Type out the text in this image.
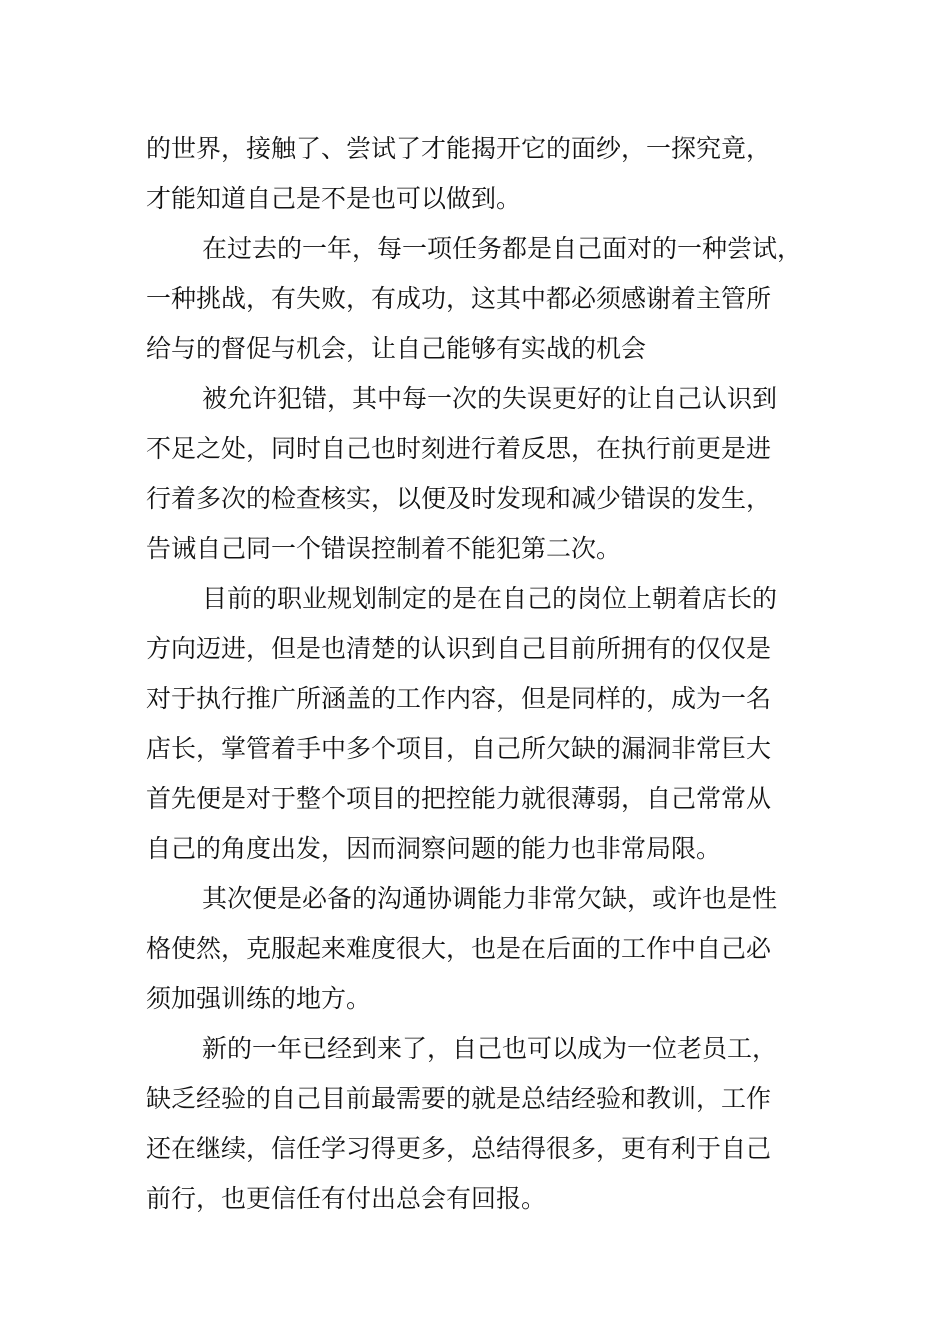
的世界，接触了、尝试了才能揭开它的面纱，一探究竟，
才能知道自己是不是也可以做到。
在过去的一年，每一项任务都是自己面对的一种尝试，
一种挑战，有失败，有成功，这其中都必须感谢着主管所
给与的督促与机会，让自己能够有实战的机会
被允许犯错，其中每一次的失误更好的让自己认识到
不足之处，同时自己也时刻进行着反思，在执行前更是进
行着多次的检查核实，以便及时发现和减少错误的发生，
告诫自己同一个错误控制着不能犯第二次。
目前的职业规划制定的是在自己的岗位上朝着店长的
方向迈进，但是也清楚的认识到自己目前所拥有的仅仅是
对于执行推广所涵盖的工作内容，但是同样的，成为一名
店长，掌管着手中多个项目，自己所欠缺的漏洞非常巨大
首先便是对于整个项目的把控能力就很薄弱，自己常常从
自己的角度出发，因而洞察问题的能力也非常局限。
其次便是必备的沟通协调能力非常欠缺，或许也是性
格使然，克服起来难度很大，也是在后面的工作中自己必
须加强训练的地方。
新的一年已经到来了，自己也可以成为一位老员工，
缺乏经验的自己目前最需要的就是总结经验和教训，工作
还在继续，信任学习得更多，总结得很多，更有利于自己
前行，也更信任有付出总会有回报。
